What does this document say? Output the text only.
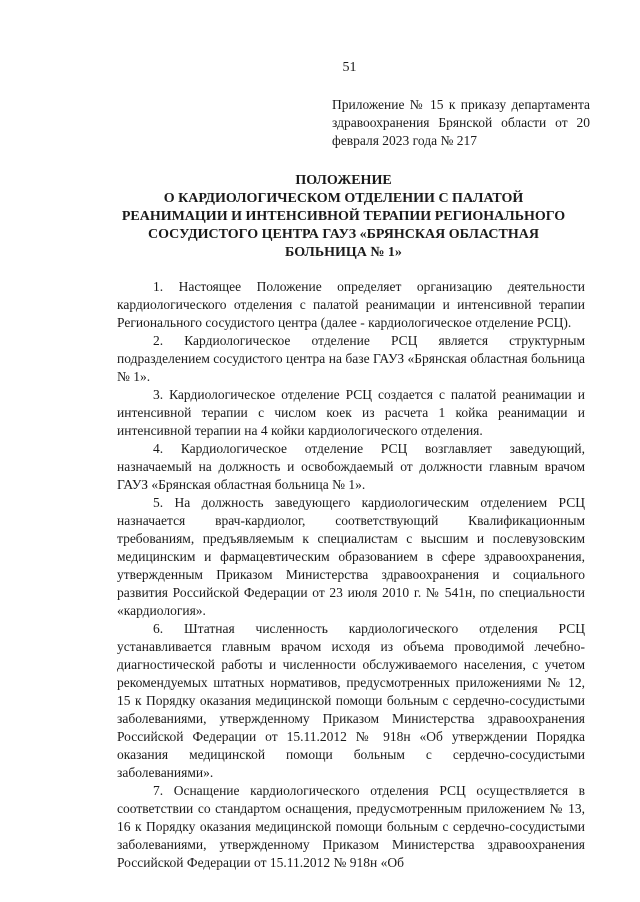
51
Приложение № 15 к приказу департамента здравоохранения Брянской области от 20 февраля 2023 года № 217
ПОЛОЖЕНИЕ
О КАРДИОЛОГИЧЕСКОМ ОТДЕЛЕНИИ С ПАЛАТОЙ
РЕАНИМАЦИИ И ИНТЕНСИВНОЙ ТЕРАПИИ РЕГИОНАЛЬНОГО
СОСУДИСТОГО ЦЕНТРА ГАУЗ «БРЯНСКАЯ ОБЛАСТНАЯ
БОЛЬНИЦА № 1»

1. Настоящее Положение определяет организацию деятельности кардиологического отделения с палатой реанимации и интенсивной терапии Регионального сосудистого центра (далее - кардиологическое отделение РСЦ).

2. Кардиологическое отделение РСЦ является структурным подразделением сосудистого центра на базе ГАУЗ «Брянская областная больница № 1».

3. Кардиологическое отделение РСЦ создается с палатой реанимации и интенсивной терапии с числом коек из расчета 1 койка реанимации и интенсивной терапии на 4 койки кардиологического отделения.

4. Кардиологическое отделение РСЦ возглавляет заведующий, назначаемый на должность и освобождаемый от должности главным врачом ГАУЗ «Брянская областная больница № 1».

5. На должность заведующего кардиологическим отделением РСЦ назначается врач-кардиолог, соответствующий Квалификационным требованиям, предъявляемым к специалистам с высшим и послевузовским медицинским и фармацевтическим образованием в сфере здравоохранения, утвержденным Приказом Министерства здравоохранения и социального развития Российской Федерации от 23 июля 2010 г. № 541н, по специальности «кардиология».

6. Штатная численность кардиологического отделения РСЦ устанавливается главным врачом исходя из объема проводимой лечебно-диагностической работы и численности обслуживаемого населения, с учетом рекомендуемых штатных нормативов, предусмотренных приложениями № 12, 15 к Порядку оказания медицинской помощи больным с сердечно-сосудистыми заболеваниями, утвержденному Приказом Министерства здравоохранения Российской Федерации от 15.11.2012 № 918н «Об утверждении Порядка оказания медицинской помощи больным с сердечно-сосудистыми заболеваниями».

7. Оснащение кардиологического отделения РСЦ осуществляется в соответствии со стандартом оснащения, предусмотренным приложением № 13, 16 к Порядку оказания медицинской помощи больным с сердечно-сосудистыми заболеваниями, утвержденному Приказом Министерства здравоохранения Российской Федерации от 15.11.2012 № 918н «Об
